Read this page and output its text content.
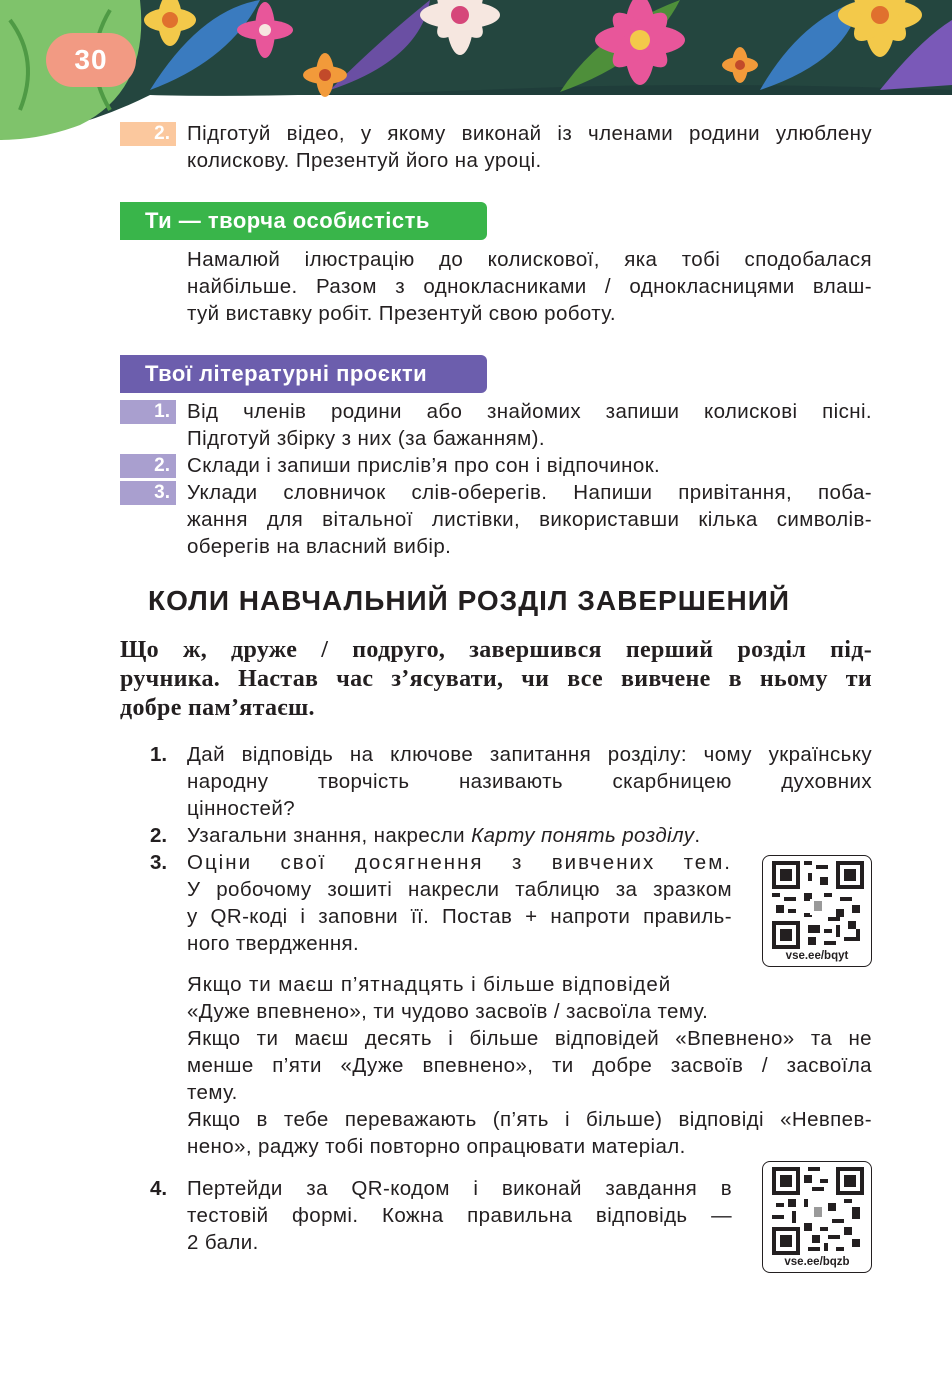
30
2. Підготуй відео, у якому виконай із членами родини улюблену

колискову. Презентуй його на уроці.

Ти — творча особистість

Намалюй ілюстрацію до колискової, яка тобі сподобалася

найбільше. Разом з однокласниками / однокласницями влаш-

туй виставку робіт. Презентуй свою роботу.

Твої літературні проєкти
1. Від членів родини або знайомих запиши колискові пісні.

Підготуй збірку з них (за бажанням).

2. Склади і запиши прислів’я про сон і відпочинок.

3. Уклади словничок слів-оберегів. Напиши привітання, поба-

жання для вітальної листівки, використавши кілька символів-

оберегів на власний вибір.

КОЛИ НАВЧАЛЬНИЙ РОЗДІЛ ЗАВЕРШЕНИЙ

Що ж, друже / подруго, завершився перший розділ під-

ручника. Настав час з’ясувати, чи все вивчене в ньому ти

добре пам’ятаєш.

1. Дай відповідь на ключове запитання розділу: чому українську

народну творчість називають скарбницею духовних

цінностей?

2. Узагальни знання, накресли Карту понять розділу.

3. Оціни свої досягнення з вивчених тем.

У робочому зошиті накресли таблицю за зразком

у QR-коді і заповни її. Постав + напроти правиль-

ного твердження.

vse.ee/bqyt

Якщо ти маєш п’ятнадцять і більше відповідей

«Дуже впевнено», ти чудово засвоїв / засвоїла тему.

Якщо ти маєш десять і більше відповідей «Впевнено» та не

менше п’яти «Дуже впевнено», ти добре засвоїв / засвоїла

тему.

Якщо в тебе переважають (п’ять і більше) відповіді «Невпев-

нено», раджу тобі повторно опрацювати матеріал.

4. Пертейди за QR-кодом і виконай завдання в

тестовій формі. Кожна правильна відповідь —

2 бали.

vse.ee/bqzb
